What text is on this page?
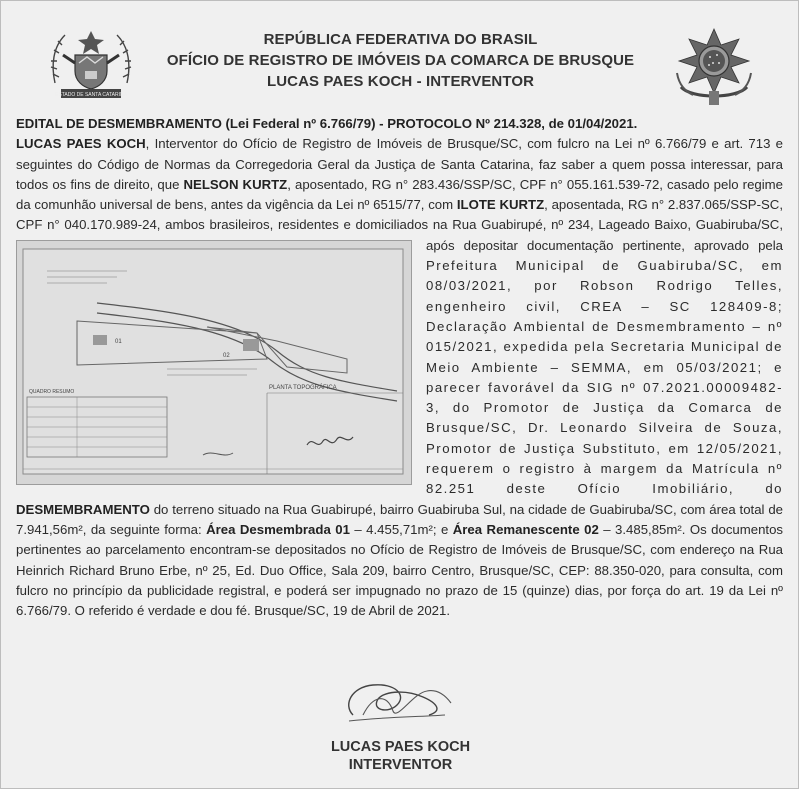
ESTADO DE SANTA CATARINA
REPÚBLICA FEDERATIVA DO BRASIL
OFÍCIO DE REGISTRO DE IMÓVEIS DA COMARCA DE BRUSQUE
LUCAS PAES KOCH - INTERVENTOR

EDITAL DE DESMEMBRAMENTO (Lei Federal nº 6.766/79) - PROTOCOLO Nº 214.328, de 01/04/2021.

LUCAS PAES KOCH, Interventor do Ofício de Registro de Imóveis de Brusque/SC, com fulcro na Lei nº 6.766/79 e art. 713 e seguintes do Código de Normas da Corregedoria Geral da Justiça de Santa Catarina, faz saber a quem possa interessar, para todos os fins de direito, que NELSON KURTZ, aposentado, RG n° 283.436/SSP/SC, CPF n° 055.161.539-72, casado pelo regime da comunhão universal de bens, antes da vigência da Lei nº 6515/77, com ILOTE KURTZ, aposentada, RG n° 2.837.065/SSP-SC, CPF n° 040.170.989-24, ambos brasileiros, residentes e domiciliados na Rua Guabirupé, nº 234, Lageado Baixo, Guabiruba/SC, após depositar documentação pertinente, aprovado pela
01
02
QUADRO RESUMO
PLANTA TOPOGRÁFICA
Prefeitura Municipal de Guabiruba/SC, em 08/03/2021, por Robson Rodrigo Telles, engenheiro civil, CREA – SC 128409-8; Declaração Ambiental de Desmembramento – nº 015/2021, expedida pela Secretaria Municipal de Meio Ambiente – SEMMA, em 05/03/2021; e parecer favorável da SIG nº 07.2021.00009482-3, do Promotor de Justiça da Comarca de Brusque/SC, Dr. Leonardo Silveira de Souza, Promotor de Justiça Substituto, em 12/05/2021, requerem o registro à margem da Matrícula nº 82.251 deste Ofício Imobiliário, do DESMEMBRAMENTO do terreno situado na Rua Guabirupé, bairro Guabiruba Sul, na cidade de Guabiruba/SC, com área total de 7.941,56m², da seguinte forma: Área Desmembrada 01 – 4.455,71m²; e Área Remanescente 02 – 3.485,85m². Os documentos pertinentes ao parcelamento encontram-se depositados no Ofício de Registro de Imóveis de Brusque/SC, com endereço na Rua Heinrich Richard Bruno Erbe, nº 25, Ed. Duo Office, Sala 209, bairro Centro, Brusque/SC, CEP: 88.350-020, para consulta, com fulcro no princípio da publicidade registral, e poderá ser impugnado no prazo de 15 (quinze) dias, por força do art. 19 da Lei nº 6.766/79. O referido é verdade e dou fé. Brusque/SC, 19 de Abril de 2021.

LUCAS PAES KOCH
INTERVENTOR
